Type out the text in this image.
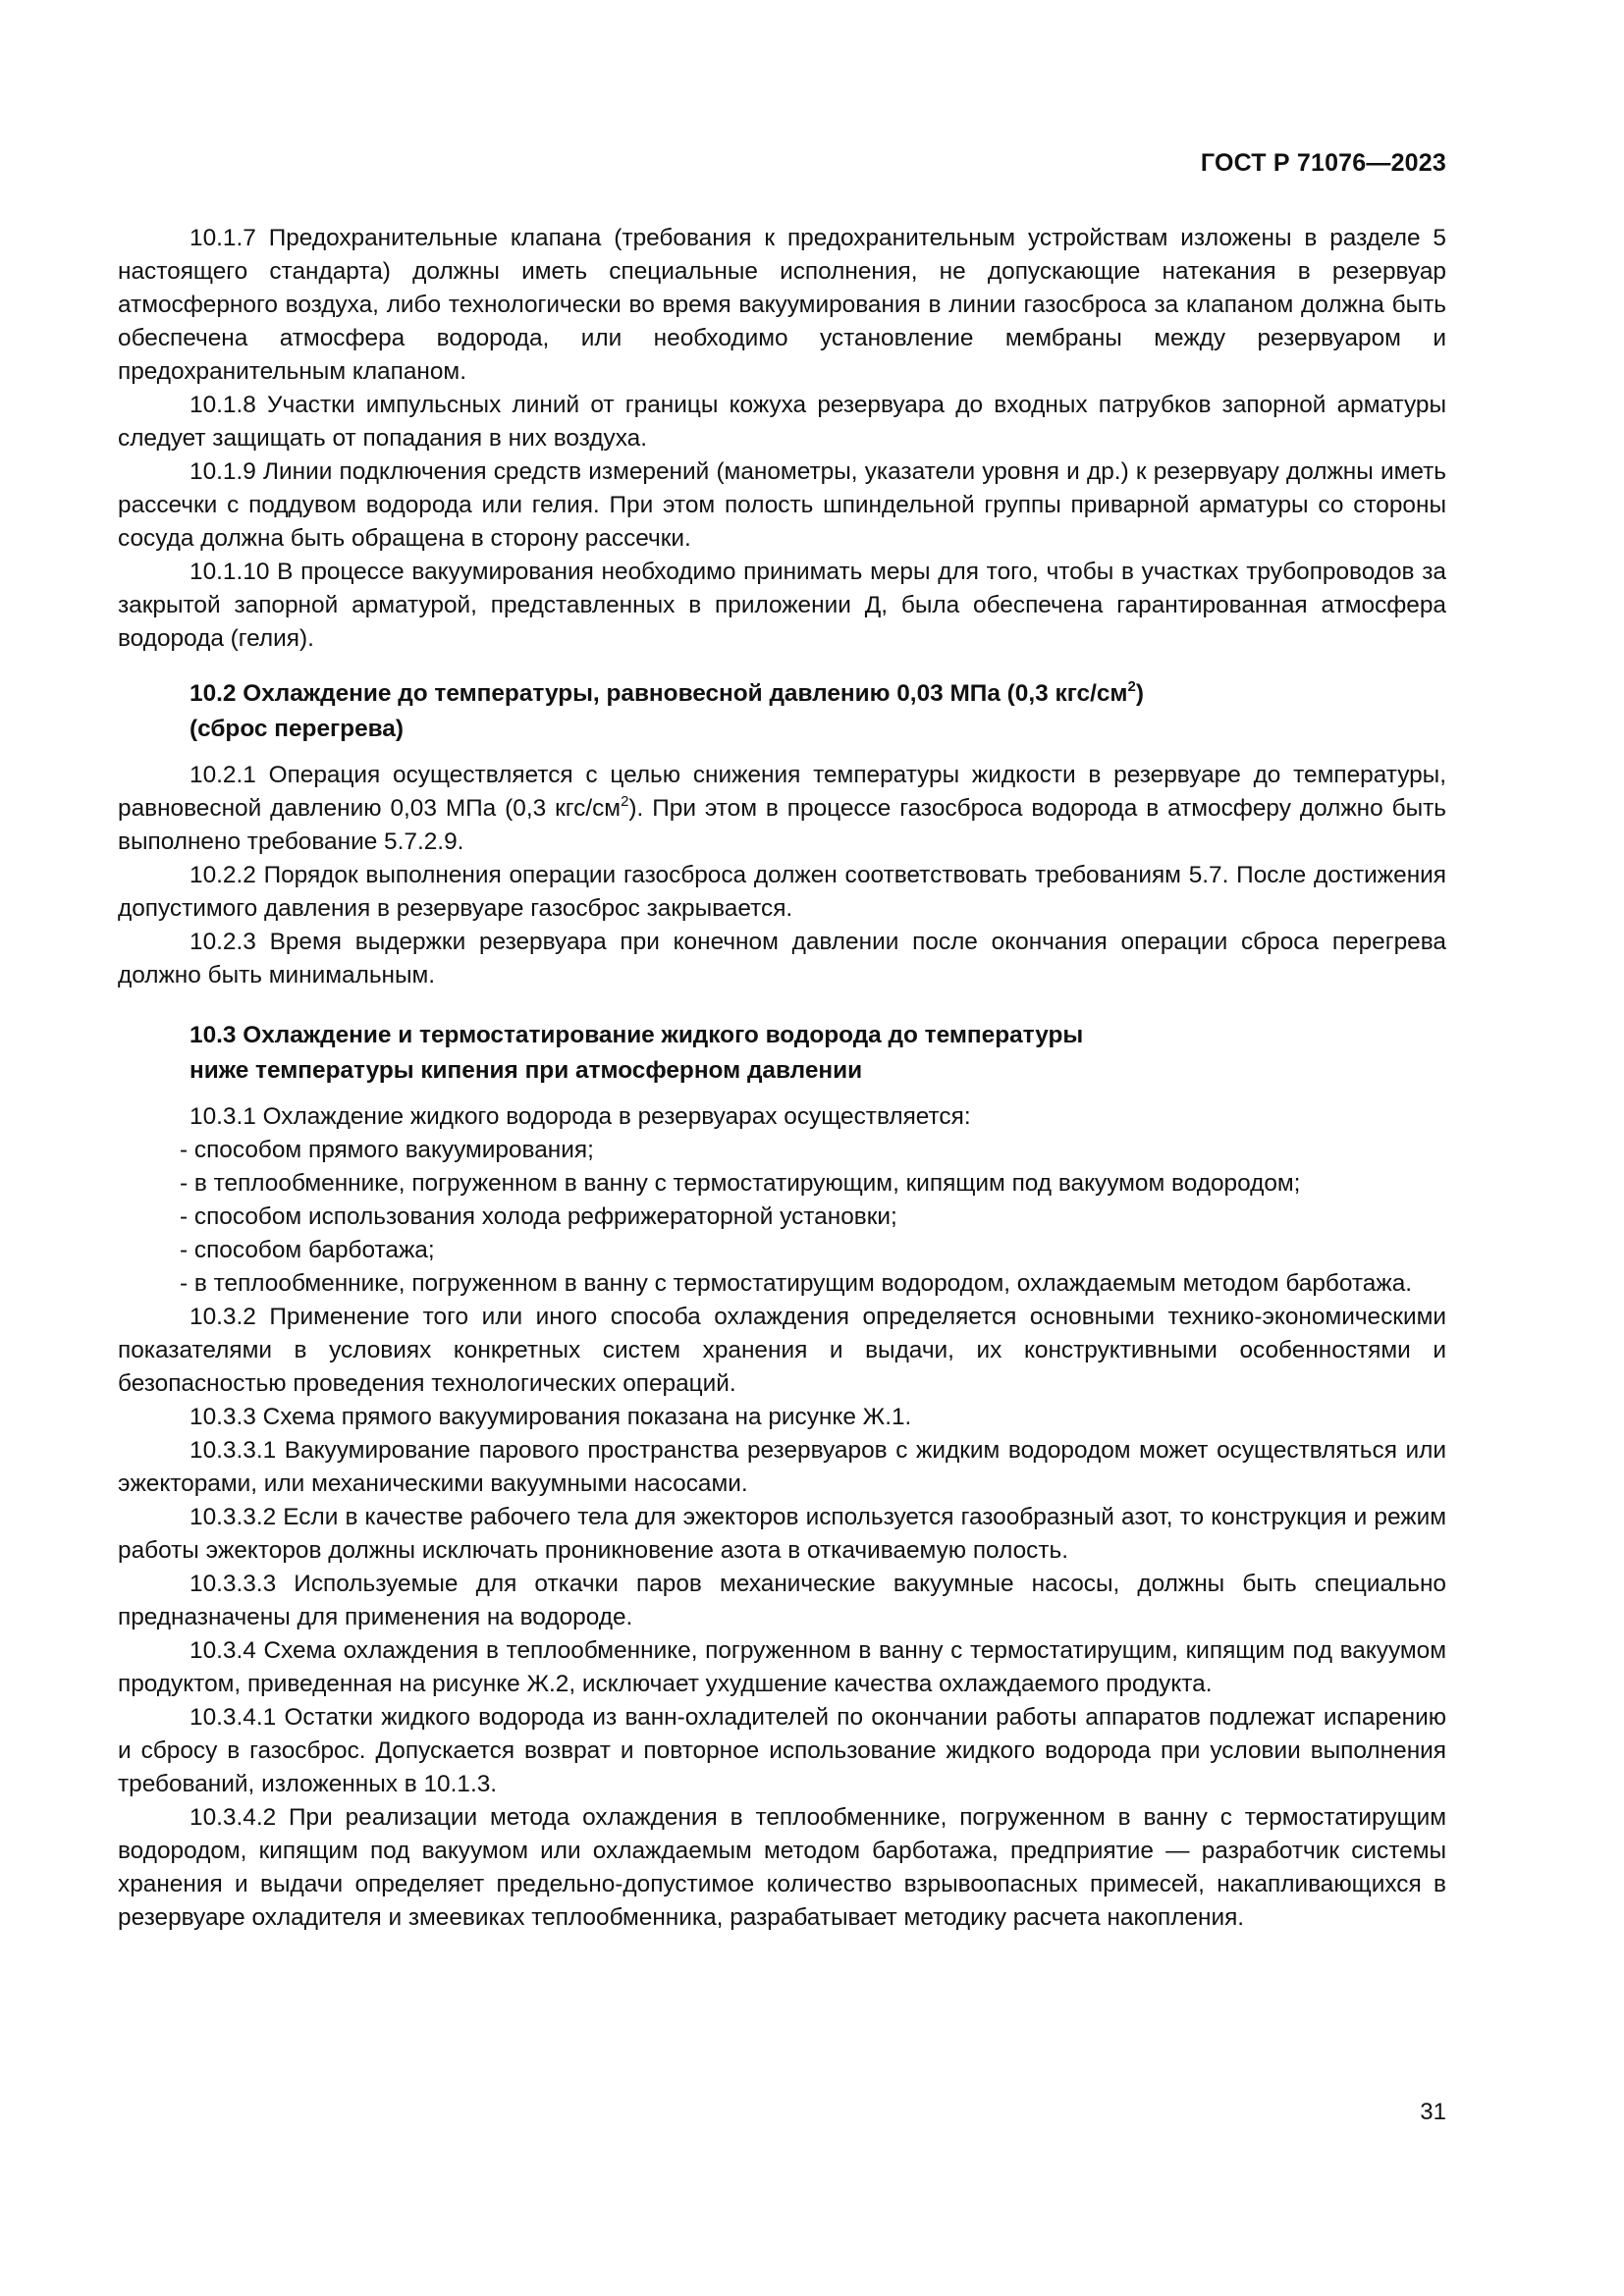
ГОСТ Р 71076—2023

10.1.7 Предохранительные клапана (требования к предохранительным устройствам изложены в разделе 5 настоящего стандарта) должны иметь специальные исполнения, не допускающие натекания в резервуар атмосферного воздуха, либо технологически во время вакуумирования в линии газосброса за клапаном должна быть обеспечена атмосфера водорода, или необходимо установление мембраны между резервуаром и предохранительным клапаном.

10.1.8 Участки импульсных линий от границы кожуха резервуара до входных патрубков запорной арматуры следует защищать от попадания в них воздуха.

10.1.9 Линии подключения средств измерений (манометры, указатели уровня и др.) к резервуару должны иметь рассечки с поддувом водорода или гелия. При этом полость шпиндельной группы приварной арматуры со стороны сосуда должна быть обращена в сторону рассечки.

10.1.10 В процессе вакуумирования необходимо принимать меры для того, чтобы в участках трубопроводов за закрытой запорной арматурой, представленных в приложении Д, была обеспечена гарантированная атмосфера водорода (гелия).

10.2 Охлаждение до температуры, равновесной давлению 0,03 МПа (0,3 кгс/$см^2$)
(сброс перегрева)

10.2.1 Операция осуществляется с целью снижения температуры жидкости в резервуаре до температуры, равновесной давлению 0,03 МПа (0,3 кгс/$см^2$). При этом в процессе газосброса водорода в атмосферу должно быть выполнено требование 5.7.2.9.

10.2.2 Порядок выполнения операции газосброса должен соответствовать требованиям 5.7. После достижения допустимого давления в резервуаре газосброс закрывается.

10.2.3 Время выдержки резервуара при конечном давлении после окончания операции сброса перегрева должно быть минимальным.

10.3 Охлаждение и термостатирование жидкого водорода до температуры
ниже температуры кипения при атмосферном давлении

10.3.1 Охлаждение жидкого водорода в резервуарах осуществляется:

- способом прямого вакуумирования;

- в теплообменнике, погруженном в ванну с термостатирующим, кипящим под вакуумом водородом;

- способом использования холода рефрижераторной установки;

- способом барботажа;

- в теплообменнике, погруженном в ванну с термостатирущим водородом, охлаждаемым методом барботажа.

10.3.2 Применение того или иного способа охлаждения определяется основными технико-экономическими показателями в условиях конкретных систем хранения и выдачи, их конструктивными особенностями и безопасностью проведения технологических операций.

10.3.3 Схема прямого вакуумирования показана на рисунке Ж.1.

10.3.3.1 Вакуумирование парового пространства резервуаров с жидким водородом может осуществляться или эжекторами, или механическими вакуумными насосами.

10.3.3.2 Если в качестве рабочего тела для эжекторов используется газообразный азот, то конструкция и режим работы эжекторов должны исключать проникновение азота в откачиваемую полость.

10.3.3.3 Используемые для откачки паров механические вакуумные насосы, должны быть специально предназначены для применения на водороде.

10.3.4 Схема охлаждения в теплообменнике, погруженном в ванну с термостатирущим, кипящим под вакуумом продуктом, приведенная на рисунке Ж.2, исключает ухудшение качества охлаждаемого продукта.

10.3.4.1 Остатки жидкого водорода из ванн-охладителей по окончании работы аппаратов подлежат испарению и сбросу в газосброс. Допускается возврат и повторное использование жидкого водорода при условии выполнения требований, изложенных в 10.1.3.

10.3.4.2 При реализации метода охлаждения в теплообменнике, погруженном в ванну с термостатирущим водородом, кипящим под вакуумом или охлаждаемым методом барботажа, предприятие — разработчик системы хранения и выдачи определяет предельно-допустимое количество взрывоопасных примесей, накапливающихся в резервуаре охладителя и змеевиках теплообменника, разрабатывает методику расчета накопления.

31
